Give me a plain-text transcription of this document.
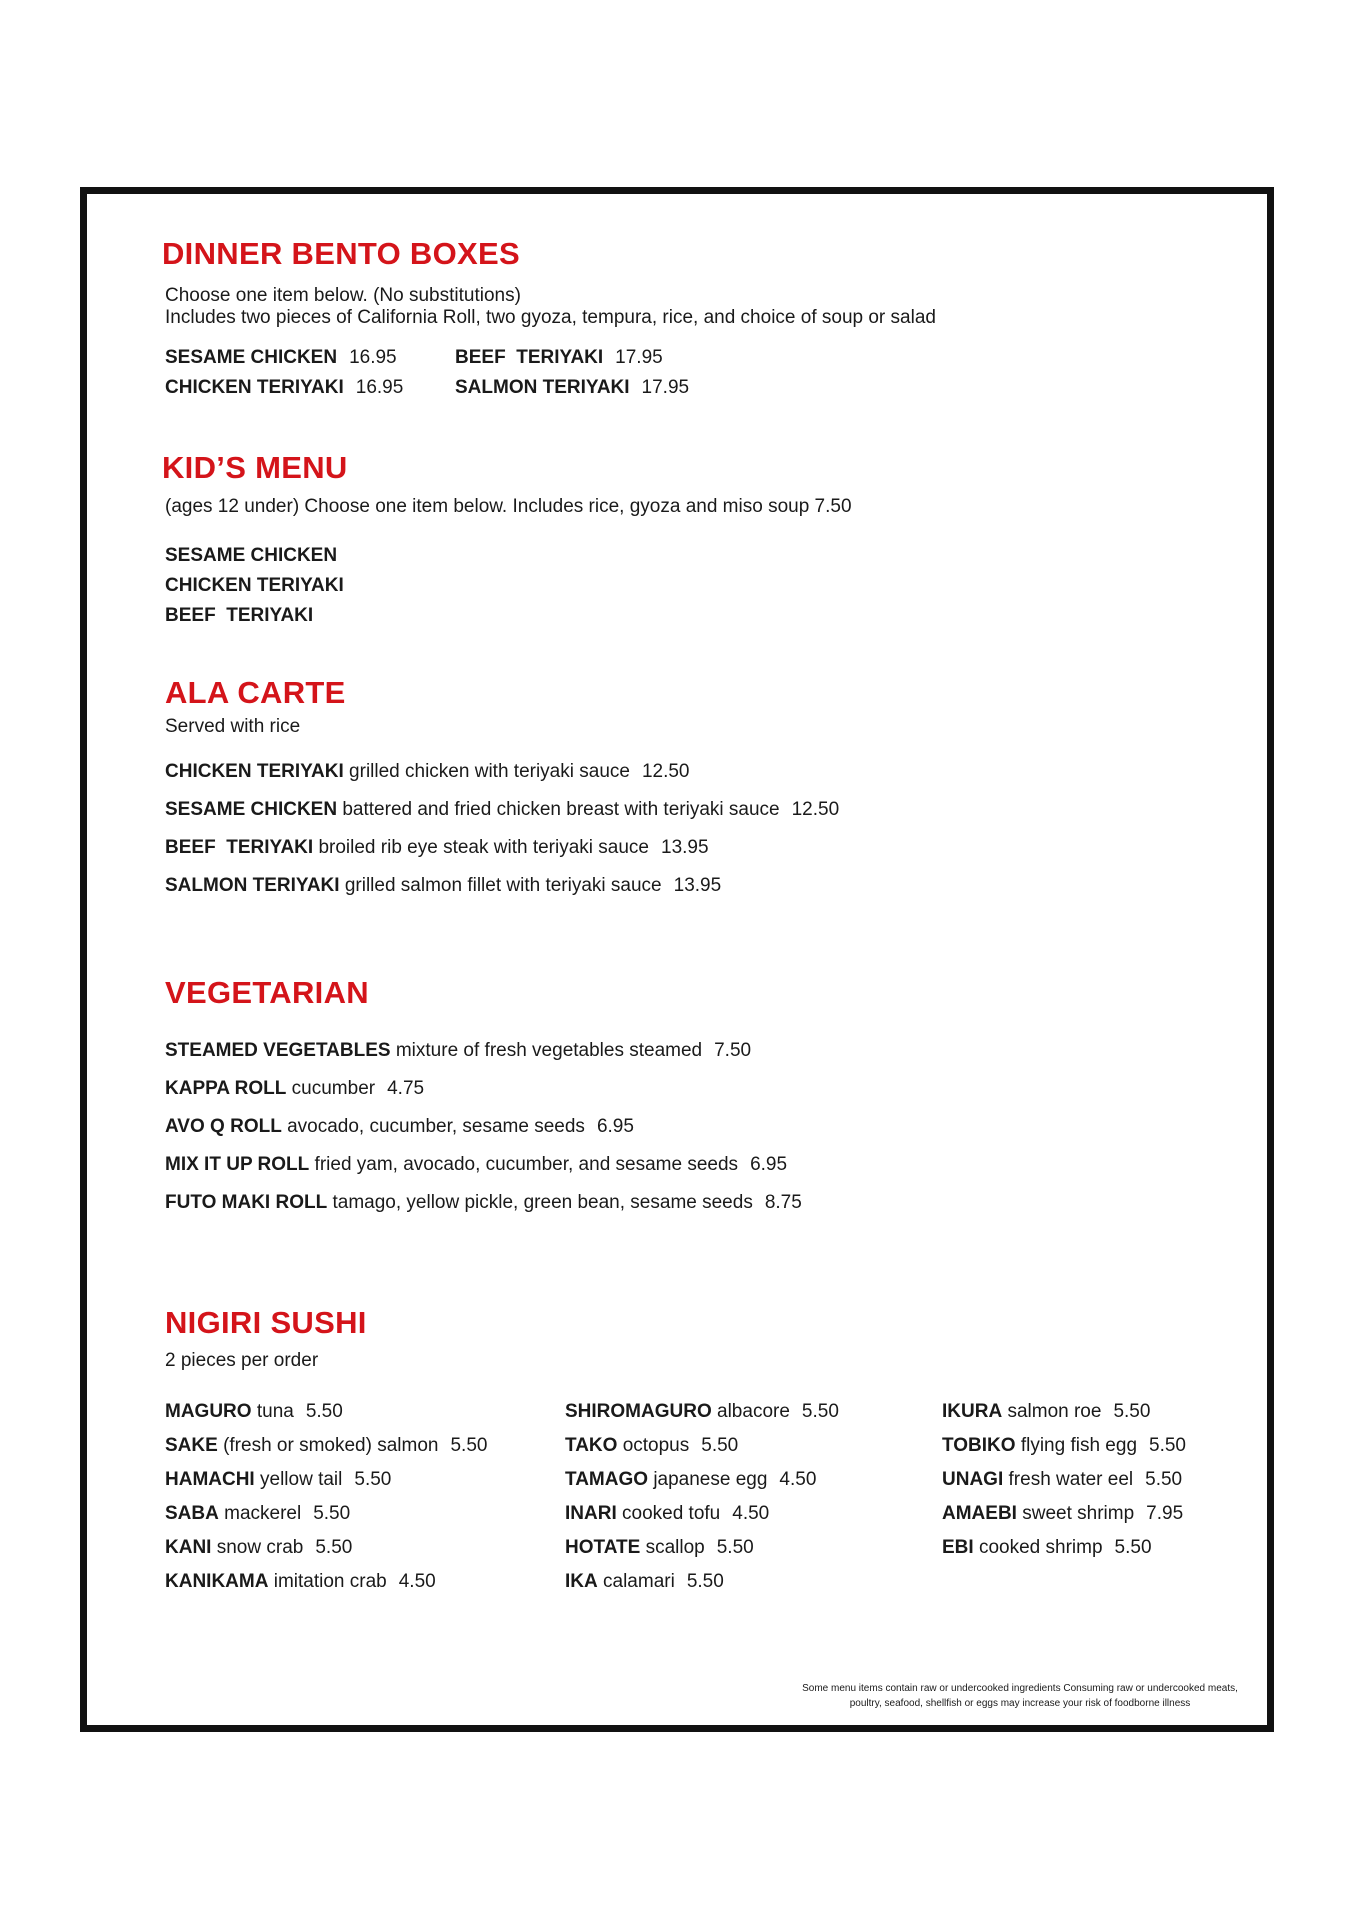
DINNER BENTO BOXES
Choose one item below. (No substitutions)
Includes two pieces of California Roll, two gyoza, tempura, rice, and choice of soup or salad
SESAME CHICKEN 16.95
CHICKEN TERIYAKI 16.95
BEEF  TERIYAKI 17.95
SALMON TERIYAKI 17.95
KID’S MENU
(ages 12 under) Choose one item below. Includes rice, gyoza and miso soup 7.50
SESAME CHICKEN
CHICKEN TERIYAKI
BEEF  TERIYAKI
ALA CARTE
Served with rice
CHICKEN TERIYAKI grilled chicken with teriyaki sauce 12.50
SESAME CHICKEN battered and fried chicken breast with teriyaki sauce 12.50
BEEF  TERIYAKI broiled rib eye steak with teriyaki sauce 13.95
SALMON TERIYAKI grilled salmon fillet with teriyaki sauce 13.95
VEGETARIAN
STEAMED VEGETABLES mixture of fresh vegetables steamed 7.50
KAPPA ROLL cucumber 4.75
AVO Q ROLL avocado, cucumber, sesame seeds 6.95
MIX IT UP ROLL fried yam, avocado, cucumber, and sesame seeds 6.95
FUTO MAKI ROLL tamago, yellow pickle, green bean, sesame seeds 8.75
NIGIRI SUSHI
2 pieces per order
MAGURO tuna 5.50
SAKE (fresh or smoked) salmon 5.50
HAMACHI yellow tail 5.50
SABA mackerel 5.50
KANI snow crab 5.50
KANIKAMA imitation crab 4.50
SHIROMAGURO albacore 5.50
TAKO octopus 5.50
TAMAGO japanese egg 4.50
INARI cooked tofu 4.50
HOTATE scallop 5.50
IKA calamari 5.50
IKURA salmon roe 5.50
TOBIKO flying fish egg 5.50
UNAGI fresh water eel 5.50
AMAEBI sweet shrimp 7.95
EBI cooked shrimp 5.50
Some menu items contain raw or undercooked ingredients Consuming raw or undercooked meats,
poultry, seafood, shellfish or eggs may increase your risk of foodborne illness
